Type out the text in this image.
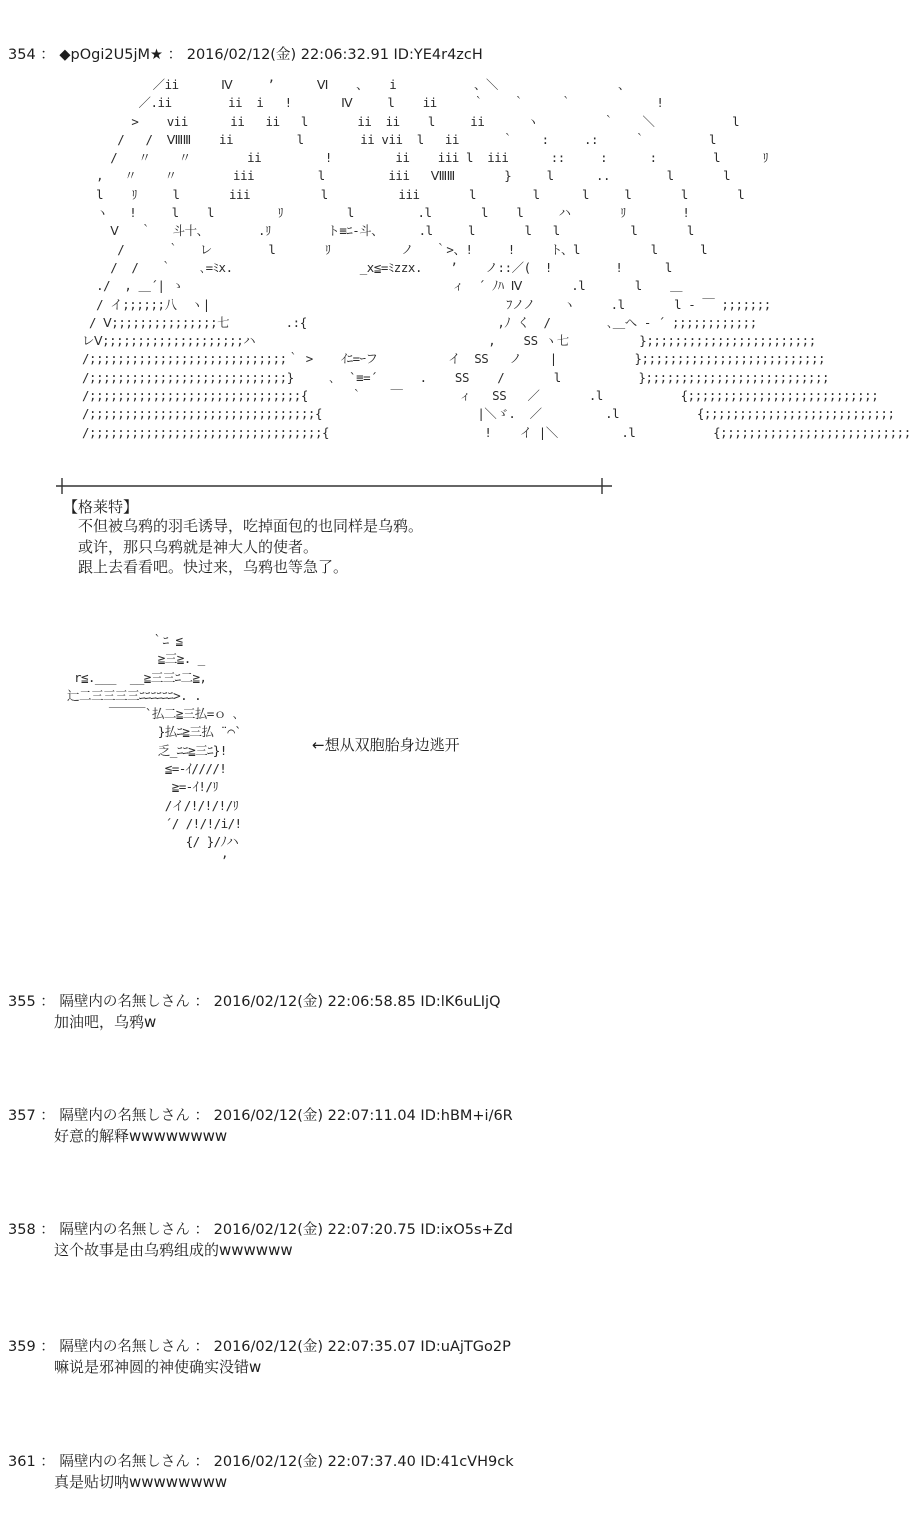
354 ： ◆pOgi2U5jM★ ： 2016/02/12(金) 22:06:32.91 ID:YE4r4zcH
／ii      Ⅳ     ’      Ⅵ    、   i           、＼                 、
／.ii        ii  i   !       Ⅳ     l    ii     ｀    ｀     ｀            !
>    vii      ii   ii   l       ii  ii    l     ii      ヽ         ｀    ＼           l
/   /  ⅧⅢ    ii         l        ii vii  l   ii      ｀    :     .:     ｀         l
/   〃    〃        ii         !         ii    iii l  iii      ::     :      :        l      ﾘ
,   〃    〃        iii         l         iii   ⅧⅢ       }     l      ..        l       l
l    ﾘ     l       iii          l          iii       l        l      l     l       l       l
ヽ   !     l    l         ﾘ         l         .l       l    l     ハ       ﾘ        !
Ⅴ   ｀   斗十、       .ﾘ        ト≡ﾆ-斗、     .l     l       l   l          l       l
/      ｀   レ        l       ﾘ          ノ   ｀>、!     !     ト、l          l      l
/  /   ｀    ､=ﾐx.                  _x≦=ﾐzzx.    ’    ノ::／(  !         !      l
./  , ＿´| ゝ                                      ィ  ´ ﾉﾊ Ⅳ       .l       l    ＿
/ イ;;;;;;八  ヽ|                                          ﾌノノ    ヽ     .l       l ‐ ￣ ;;;;;;;
/ Ⅴ;;;;;;;;;;;;;;;七        .:{                           ,ﾉ く  /        ､＿へ - ´ ;;;;;;;;;;;;
レⅤ;;;;;;;;;;;;;;;;;;;;ハ                                 ,    SS ヽ七          };;;;;;;;;;;;;;;;;;;;;;;;
/;;;;;;;;;;;;;;;;;;;;;;;;;;;;｀ >    ｲﾆ=ｰフ          イ  SS   ノ    |           };;;;;;;;;;;;;;;;;;;;;;;;;;
/;;;;;;;;;;;;;;;;;;;;;;;;;;;;}     ､  `≡=´      .    SS    /       l           };;;;;;;;;;;;;;;;;;;;;;;;;;
/;;;;;;;;;;;;;;;;;;;;;;;;;;;;;;{      ｀    ￣        ィ   SS   ／       .l           {;;;;;;;;;;;;;;;;;;;;;;;;;;;
/;;;;;;;;;;;;;;;;;;;;;;;;;;;;;;;;{                      |＼ゞ.  ／         .l           {;;;;;;;;;;;;;;;;;;;;;;;;;;;
/;;;;;;;;;;;;;;;;;;;;;;;;;;;;;;;;;{                      !    イ |＼         .l           {;;;;;;;;;;;;;;;;;;;;;;;;;;;
【格莱特】
不但被乌鸦的羽毛诱导，吃掉面包的也同样是乌鸦。
或许，那只乌鸦就是神大人的使者。
跟上去看看吧。快过来，乌鸦也等急了。
｀ﾆ ≦
≧三≧. _
r≦.___  __≧三三ﾆ二≧,
辷二三三三三ﾆﾆﾆﾆﾆﾆ>. .
￣￣￣`払二≧三払=ｏ ､
}払ﾆ≧三払 ¨⌒`
乏_ﾆﾆ≧三ﾆ}!
≦=-ｲ////!
≧=-ｲ!/ﾘ
/イ/!/!/!/ﾘ
´/ /!/!/i/!
{/ }/ﾉハ
’
←想从双胞胎身边逃开
355 ： 隔壁内の名無しさん ： 2016/02/12(金) 22:06:58.85 ID:lK6uLIjQ
加油吧，乌鸦w
357 ： 隔壁内の名無しさん ： 2016/02/12(金) 22:07:11.04 ID:hBM+i/6R
好意的解释wwwwwwww
358 ： 隔壁内の名無しさん ： 2016/02/12(金) 22:07:20.75 ID:ixO5s+Zd
这个故事是由乌鸦组成的wwwwww
359 ： 隔壁内の名無しさん ： 2016/02/12(金) 22:07:35.07 ID:uAjTGo2P
嘛说是邪神圆的神使确实没错w
361 ： 隔壁内の名無しさん ： 2016/02/12(金) 22:07:37.40 ID:41cVH9ck
真是贴切呐wwwwwwww
